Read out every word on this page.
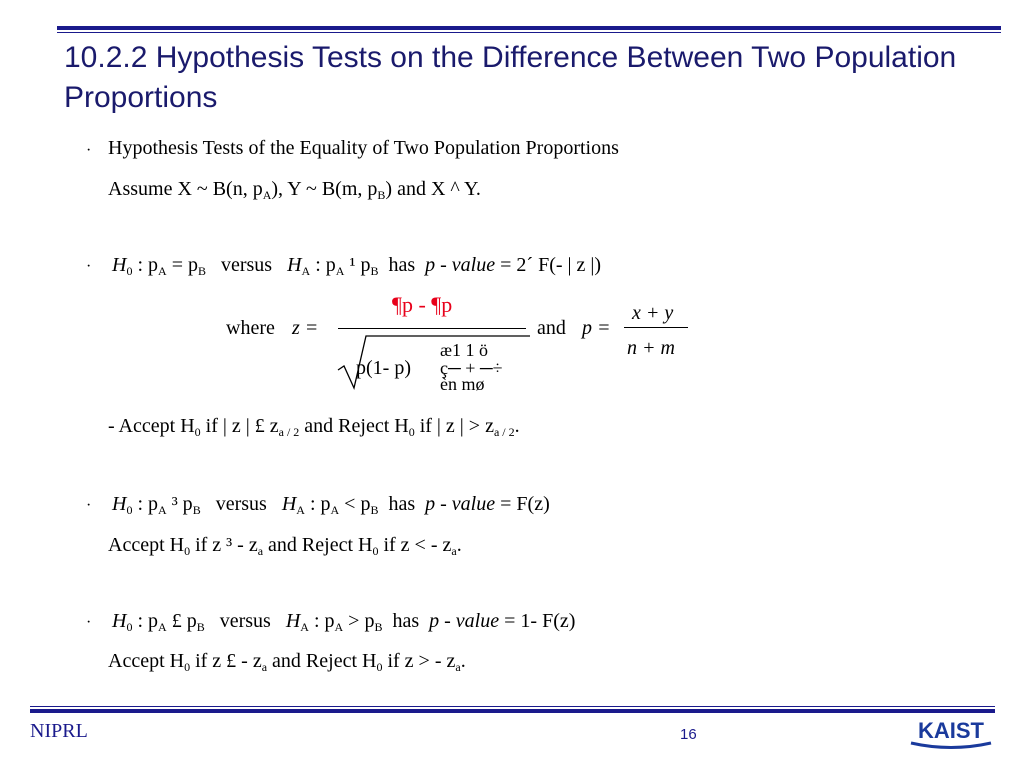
10.2.2 Hypothesis Tests on the Difference Between Two Population Proportions
· Hypothesis Tests of the Equality of Two Population Proportions
Assume X ~ B(n, $p_A$), Y ~ B(m, $p_B$) and X ^ Y.
· $H_0$ : $p_A = p_B$ versus $H_A$ : $p_A$ ¹ $p_B$ has p - value = 2´ F(- | z |)
where z =
¶p - ¶p
p(1- p)
æ1 1 ö
ç─ + ─÷
èn mø
and p =
x + y
n + m
- Accept $H_0$ if | z | £ $z_{a / 2}$ and Reject $H_0$ if | z | > $z_{a / 2}$.
· $H_0$ : $p_A$ ³ $p_B$ versus $H_A$ : $p_A < p_B$ has p - value = F(z)
Accept $H_0$ if z $^3 - z_a$ and Reject $H_0$ if z < - $z_a$.
· $H_0$ : $p_A$ £ $p_B$ versus $H_A$ : $p_A > p_B$ has p - value = 1- F(z)
Accept $H_0$ if z £ - $z_a$ and Reject $H_0$ if z > - $z_a$.
NIPRL	16	KAIST
